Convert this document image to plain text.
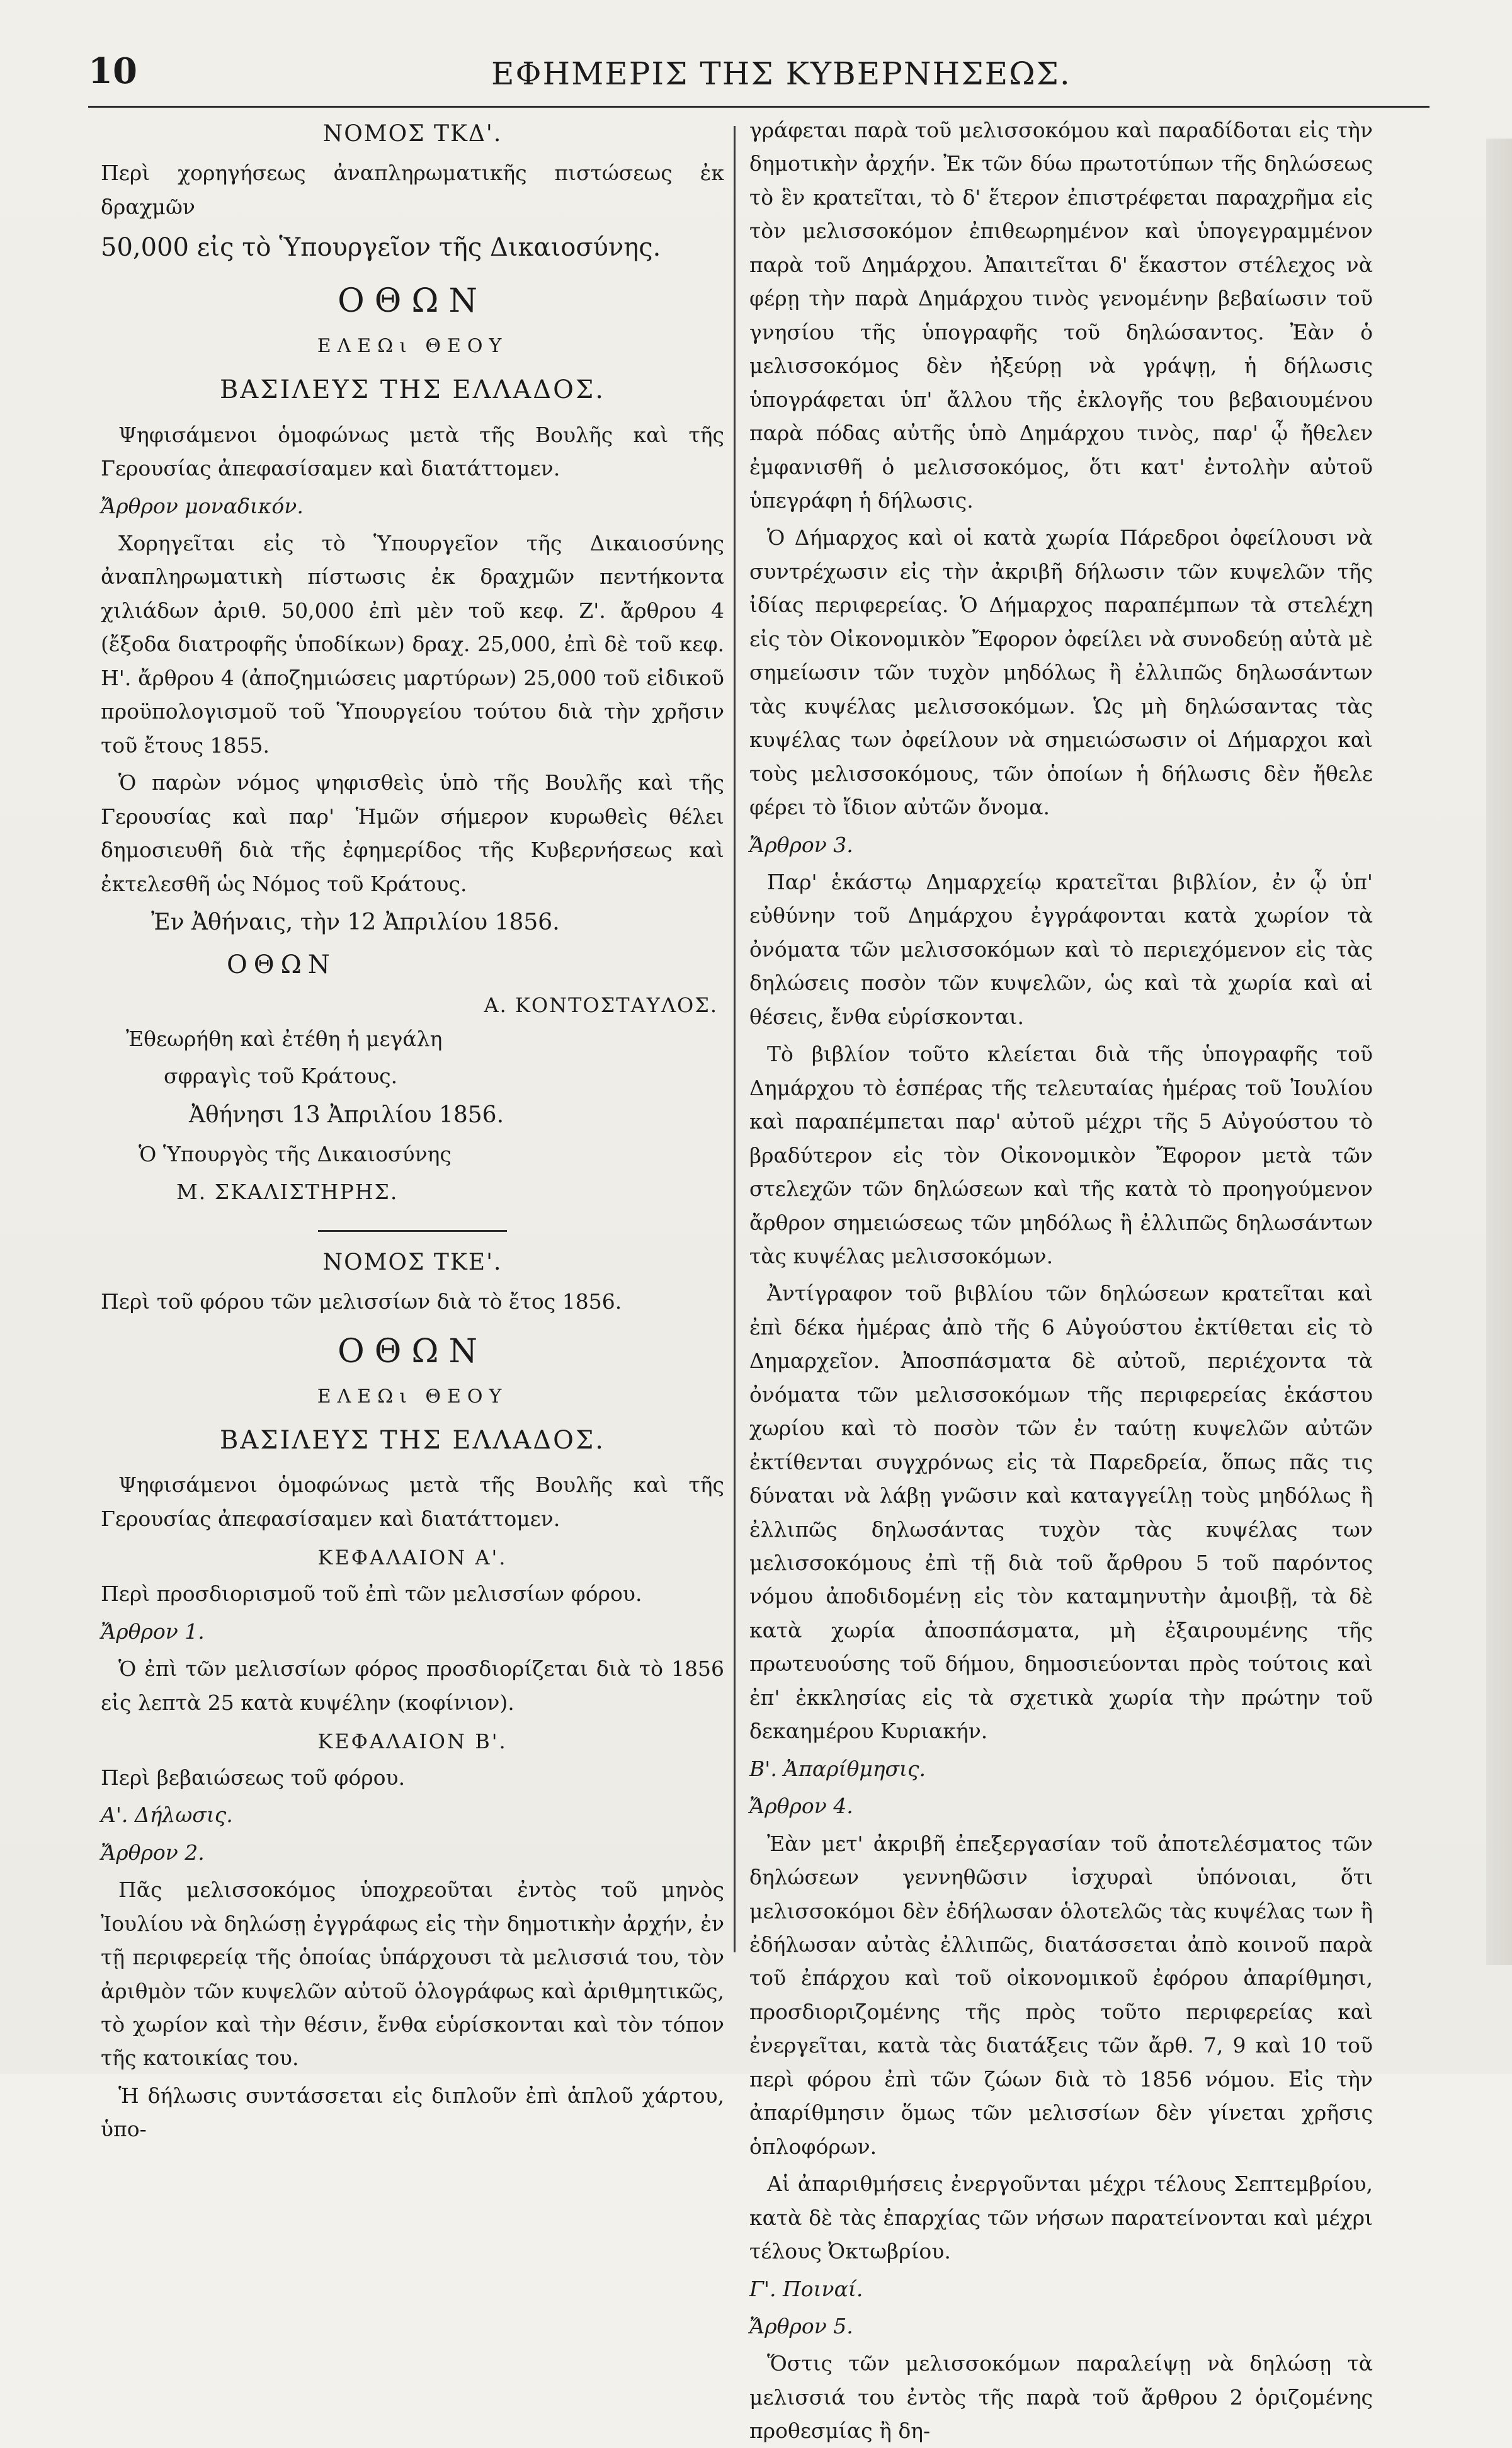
10	ΕΦΗΜΕΡΙΣ ΤΗΣ ΚΥΒΕΡΝΗΣΕΩΣ.
ΝΟΜΟΣ ΤΚΔ'.

Περὶ χορηγήσεως ἀναπληρωματικῆς πιστώσεως ἐκ δραχμῶν

50,000 εἰς τὸ Ὑπουργεῖον τῆς Δικαιοσύνης.

ΟΘΩΝ
ΕΛΕΩι ΘΕΟΥ
ΒΑΣΙΛΕΥΣ ΤΗΣ ΕΛΛΑΔΟΣ.

Ψηφισάμενοι ὁμοφώνως μετὰ τῆς Βουλῆς καὶ τῆς Γερουσίας ἀπεφασίσαμεν καὶ διατάττομεν.

Ἄρθρον μοναδικόν.

Χορηγεῖται εἰς τὸ Ὑπουργεῖον τῆς Δικαιοσύνης ἀναπληρωματικὴ πίστωσις ἐκ δραχμῶν πεντήκοντα χιλιάδων ἀριθ. 50,000 ἐπὶ μὲν τοῦ κεφ. Ζ'. ἄρθρου 4 (ἔξοδα διατροφῆς ὑποδίκων) δραχ. 25,000, ἐπὶ δὲ τοῦ κεφ. Η'. ἄρθρου 4 (ἀποζημιώσεις μαρτύρων) 25,000 τοῦ εἰδικοῦ προϋπολογισμοῦ τοῦ Ὑπουργείου τούτου διὰ τὴν χρῆσιν τοῦ ἔτους 1855.

Ὁ παρὼν νόμος ψηφισθεὶς ὑπὸ τῆς Βουλῆς καὶ τῆς Γερουσίας καὶ παρ' Ἡμῶν σήμερον κυρωθεὶς θέλει δημοσιευθῆ διὰ τῆς ἐφημερίδος τῆς Κυβερνήσεως καὶ ἐκτελεσθῆ ὡς Νόμος τοῦ Κράτους.

Ἐν Ἀθήναις, τὴν 12 Ἀπριλίου 1856.

ΟΘΩΝ

Α. ΚΟΝΤΟΣΤΑΥΛΟΣ.

Ἐθεωρήθη καὶ ἐτέθη ἡ μεγάλη

σφραγὶς τοῦ Κράτους.

Ἀθήνησι 13 Ἀπριλίου 1856.

Ὁ Ὑπουργὸς τῆς Δικαιοσύνης

Μ. ΣΚΑΛΙΣΤΗΡΗΣ.

ΝΟΜΟΣ ΤΚΕ'.

Περὶ τοῦ φόρου τῶν μελισσίων διὰ τὸ ἔτος 1856.

ΟΘΩΝ
ΕΛΕΩι ΘΕΟΥ
ΒΑΣΙΛΕΥΣ ΤΗΣ ΕΛΛΑΔΟΣ.

Ψηφισάμενοι ὁμοφώνως μετὰ τῆς Βουλῆς καὶ τῆς Γερουσίας ἀπεφασίσαμεν καὶ διατάττομεν.

ΚΕΦΑΛΑΙΟΝ Α'.

Περὶ προσδιορισμοῦ τοῦ ἐπὶ τῶν μελισσίων φόρου.

Ἄρθρον 1.

Ὁ ἐπὶ τῶν μελισσίων φόρος προσδιορίζεται διὰ τὸ 1856 εἰς λεπτὰ 25 κατὰ κυψέλην (κοφίνιον).

ΚΕΦΑΛΑΙΟΝ Β'.

Περὶ βεβαιώσεως τοῦ φόρου.

Α'. Δήλωσις.

Ἄρθρον 2.

Πᾶς μελισσοκόμος ὑποχρεοῦται ἐντὸς τοῦ μηνὸς Ἰουλίου νὰ δηλώσῃ ἐγγράφως εἰς τὴν δημοτικὴν ἀρχήν, ἐν τῇ περιφερείᾳ τῆς ὁποίας ὑπάρχουσι τὰ μελισσιά του, τὸν ἀριθμὸν τῶν κυψελῶν αὐτοῦ ὁλογράφως καὶ ἀριθμητικῶς, τὸ χωρίον καὶ τὴν θέσιν, ἔνθα εὑρίσκονται καὶ τὸν τόπον τῆς κατοικίας του.

Ἡ δήλωσις συντάσσεται εἰς διπλοῦν ἐπὶ ἁπλοῦ χάρτου, ὑπο-

γράφεται παρὰ τοῦ μελισσοκόμου καὶ παραδίδοται εἰς τὴν δημοτικὴν ἀρχήν. Ἐκ τῶν δύω πρωτοτύπων τῆς δηλώσεως τὸ ἓν κρατεῖται, τὸ δ' ἕτερον ἐπιστρέφεται παραχρῆμα εἰς τὸν μελισσοκόμον ἐπιθεωρημένον καὶ ὑπογεγραμμένον παρὰ τοῦ Δημάρχου. Ἀπαιτεῖται δ' ἕκαστον στέλεχος νὰ φέρῃ τὴν παρὰ Δημάρχου τινὸς γενομένην βεβαίωσιν τοῦ γνησίου τῆς ὑπογραφῆς τοῦ δηλώσαντος. Ἐὰν ὁ μελισσοκόμος δὲν ἠξεύρῃ νὰ γράψῃ, ἡ δήλωσις ὑπογράφεται ὑπ' ἄλλου τῆς ἐκλογῆς του βεβαιουμένου παρὰ πόδας αὐτῆς ὑπὸ Δημάρχου τινὸς, παρ' ᾧ ἤθελεν ἐμφανισθῆ ὁ μελισσοκόμος, ὅτι κατ' ἐντολὴν αὐτοῦ ὑπεγράφη ἡ δήλωσις.

Ὁ Δήμαρχος καὶ οἱ κατὰ χωρία Πάρεδροι ὀφείλουσι νὰ συντρέχωσιν εἰς τὴν ἀκριβῆ δήλωσιν τῶν κυψελῶν τῆς ἰδίας περιφερείας. Ὁ Δήμαρχος παραπέμπων τὰ στελέχη εἰς τὸν Οἰκονομικὸν Ἔφορον ὀφείλει νὰ συνοδεύῃ αὐτὰ μὲ σημείωσιν τῶν τυχὸν μηδόλως ἢ ἐλλιπῶς δηλωσάντων τὰς κυψέλας μελισσοκόμων. Ὡς μὴ δηλώσαντας τὰς κυψέλας των ὀφείλουν νὰ σημειώσωσιν οἱ Δήμαρχοι καὶ τοὺς μελισσοκόμους, τῶν ὁποίων ἡ δήλωσις δὲν ἤθελε φέρει τὸ ἴδιον αὐτῶν ὄνομα.

Ἄρθρον 3.

Παρ' ἑκάστῳ Δημαρχείῳ κρατεῖται βιβλίον, ἐν ᾧ ὑπ' εὐθύνην τοῦ Δημάρχου ἐγγράφονται κατὰ χωρίον τὰ ὀνόματα τῶν μελισσοκόμων καὶ τὸ περιεχόμενον εἰς τὰς δηλώσεις ποσὸν τῶν κυψελῶν, ὡς καὶ τὰ χωρία καὶ αἱ θέσεις, ἔνθα εὑρίσκονται.

Τὸ βιβλίον τοῦτο κλείεται διὰ τῆς ὑπογραφῆς τοῦ Δημάρχου τὸ ἑσπέρας τῆς τελευταίας ἡμέρας τοῦ Ἰουλίου καὶ παραπέμπεται παρ' αὐτοῦ μέχρι τῆς 5 Αὐγούστου τὸ βραδύτερον εἰς τὸν Οἰκονομικὸν Ἔφορον μετὰ τῶν στελεχῶν τῶν δηλώσεων καὶ τῆς κατὰ τὸ προηγούμενον ἄρθρον σημειώσεως τῶν μηδόλως ἢ ἐλλιπῶς δηλωσάντων τὰς κυψέλας μελισσοκόμων.

Ἀντίγραφον τοῦ βιβλίου τῶν δηλώσεων κρατεῖται καὶ ἐπὶ δέκα ἡμέρας ἀπὸ τῆς 6 Αὐγούστου ἐκτίθεται εἰς τὸ Δημαρχεῖον. Ἀποσπάσματα δὲ αὐτοῦ, περιέχοντα τὰ ὀνόματα τῶν μελισσοκόμων τῆς περιφερείας ἑκάστου χωρίου καὶ τὸ ποσὸν τῶν ἐν ταύτῃ κυψελῶν αὐτῶν ἐκτίθενται συγχρόνως εἰς τὰ Παρεδρεία, ὅπως πᾶς τις δύναται νὰ λάβῃ γνῶσιν καὶ καταγγείλῃ τοὺς μηδόλως ἢ ἐλλιπῶς δηλωσάντας τυχὸν τὰς κυψέλας των μελισσοκόμους ἐπὶ τῇ διὰ τοῦ ἄρθρου 5 τοῦ παρόντος νόμου ἀποδιδομένῃ εἰς τὸν καταμηνυτὴν ἀμοιβῇ, τὰ δὲ κατὰ χωρία ἀποσπάσματα, μὴ ἐξαιρουμένης τῆς πρωτευούσης τοῦ δήμου, δημοσιεύονται πρὸς τούτοις καὶ ἐπ' ἐκκλησίας εἰς τὰ σχετικὰ χωρία τὴν πρώτην τοῦ δεκαημέρου Κυριακήν.

Β'. Ἀπαρίθμησις.

Ἄρθρον 4.

Ἐὰν μετ' ἀκριβῆ ἐπεξεργασίαν τοῦ ἀποτελέσματος τῶν δηλώσεων γεννηθῶσιν ἰσχυραὶ ὑπόνοιαι, ὅτι μελισσοκόμοι δὲν ἐδήλωσαν ὁλοτελῶς τὰς κυψέλας των ἢ ἐδήλωσαν αὐτὰς ἐλλιπῶς, διατάσσεται ἀπὸ κοινοῦ παρὰ τοῦ ἐπάρχου καὶ τοῦ οἰκονομικοῦ ἐφόρου ἀπαρίθμησι, προσδιοριζομένης τῆς πρὸς τοῦτο περιφερείας καὶ ἐνεργεῖται, κατὰ τὰς διατάξεις τῶν ἄρθ. 7, 9 καὶ 10 τοῦ περὶ φόρου ἐπὶ τῶν ζώων διὰ τὸ 1856 νόμου. Εἰς τὴν ἀπαρίθμησιν ὅμως τῶν μελισσίων δὲν γίνεται χρῆσις ὁπλοφόρων.

Αἱ ἀπαριθμήσεις ἐνεργοῦνται μέχρι τέλους Σεπτεμβρίου, κατὰ δὲ τὰς ἐπαρχίας τῶν νήσων παρατείνονται καὶ μέχρι τέλους Ὀκτωβρίου.

Γ'. Ποιναί.

Ἄρθρον 5.

Ὅστις τῶν μελισσοκόμων παραλείψῃ νὰ δηλώσῃ τὰ μελισσιά του ἐντὸς τῆς παρὰ τοῦ ἄρθρου 2 ὁριζομένης προθεσμίας ἢ δη-
